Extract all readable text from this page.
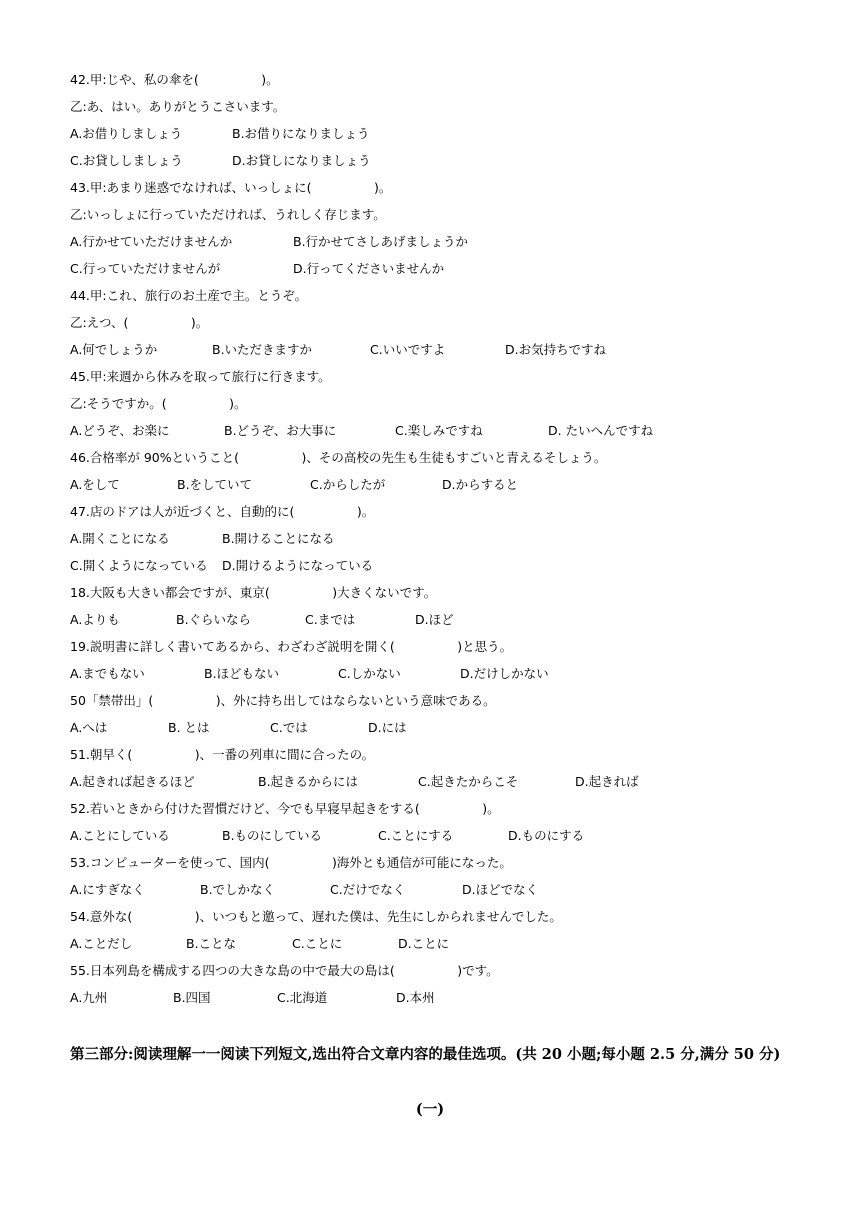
42.甲:じや、私の傘を(　　　　　)。
乙:あ、はい。ありがとうこさいます。
A.お借りしましょう	B.お借りになりましょう
C.お貸ししましょう	D.お貸しになりましょう
43.甲:あまり迷惑でなければ、いっしょに(　　　　　)。
乙:いっしょに行っていただければ、うれしく存じます。
A.行かせていただけませんか	B.行かせてさしあげましょうか
C.行っていただけませんが	D.行ってくださいませんか
44.甲:これ、旅行のお土産で主。とうぞ。
乙:えつ、(　　　　　)。
A.何でしょうか	B.いただきますか	C.いいですよ	D.お気持ちですね
45.甲:来週から休みを取って旅行に行きます。
乙:そうですか。(　　　　　)。
A.どうぞ、お楽に	B.どうぞ、お大事に	C.楽しみですね	D. たいへんですね
46.合格率が 90%ということ(　　　　　)、その高校の先生も生徒もすごいと青えるそしょう。
A.をして	B.をしていて	C.からしたが	D.からすると
47.店のドアは人が近づくと、自動的に(　　　　　)。
A.開くことになる	B.開けることになる
C.開くようになっている D.開けるようになっている
18.大阪も大きい都会ですが、東京(　　　　　)大きくないです。
A.よりも	B.ぐらいなら	C.までは	D.ほど
19.説明書に詳しく書いてあるから、わざわざ説明を開く(　　　　　)と思う。
A.までもない	B.ほどもない	C.しかない	D.だけしかない
50「禁帯出」(　　　　　)、外に持ち出してはならないという意味である。
A.へは	B. とは	C.では	D.には
51.朝早く(　　　　　)、一番の列車に間に合ったの。
A.起きれば起きるほど	B.起きるからには	C.起きたからこそ	D.起きれば
52.若いときから付けた習慣だけど、今でも早寝早起きをする(　　　　　)。
A.ことにしている	B.ものにしている	C.ことにする	D.ものにする
53.コンピューターを使って、国内(　　　　　)海外とも通信が可能になった。
A.にすぎなく	B.でしかなく	C.だけでなく	D.ほどでなく
54.意外な(　　　　　)、いつもと邀って、遅れた僕は、先生にしかられませんでした。
A.ことだし	B.ことな	C.ことに	D.ことに
55.日本列島を構成する四つの大きな島の中で最大の島は(　　　　　)です。
A.九州	B.四国	C.北海道	D.本州
第三部分:阅读理解一一阅读下列短文,选出符合文章内容的最佳选项。(共 20 小题;每小题 2.5 分,满分 50 分)
(一)
